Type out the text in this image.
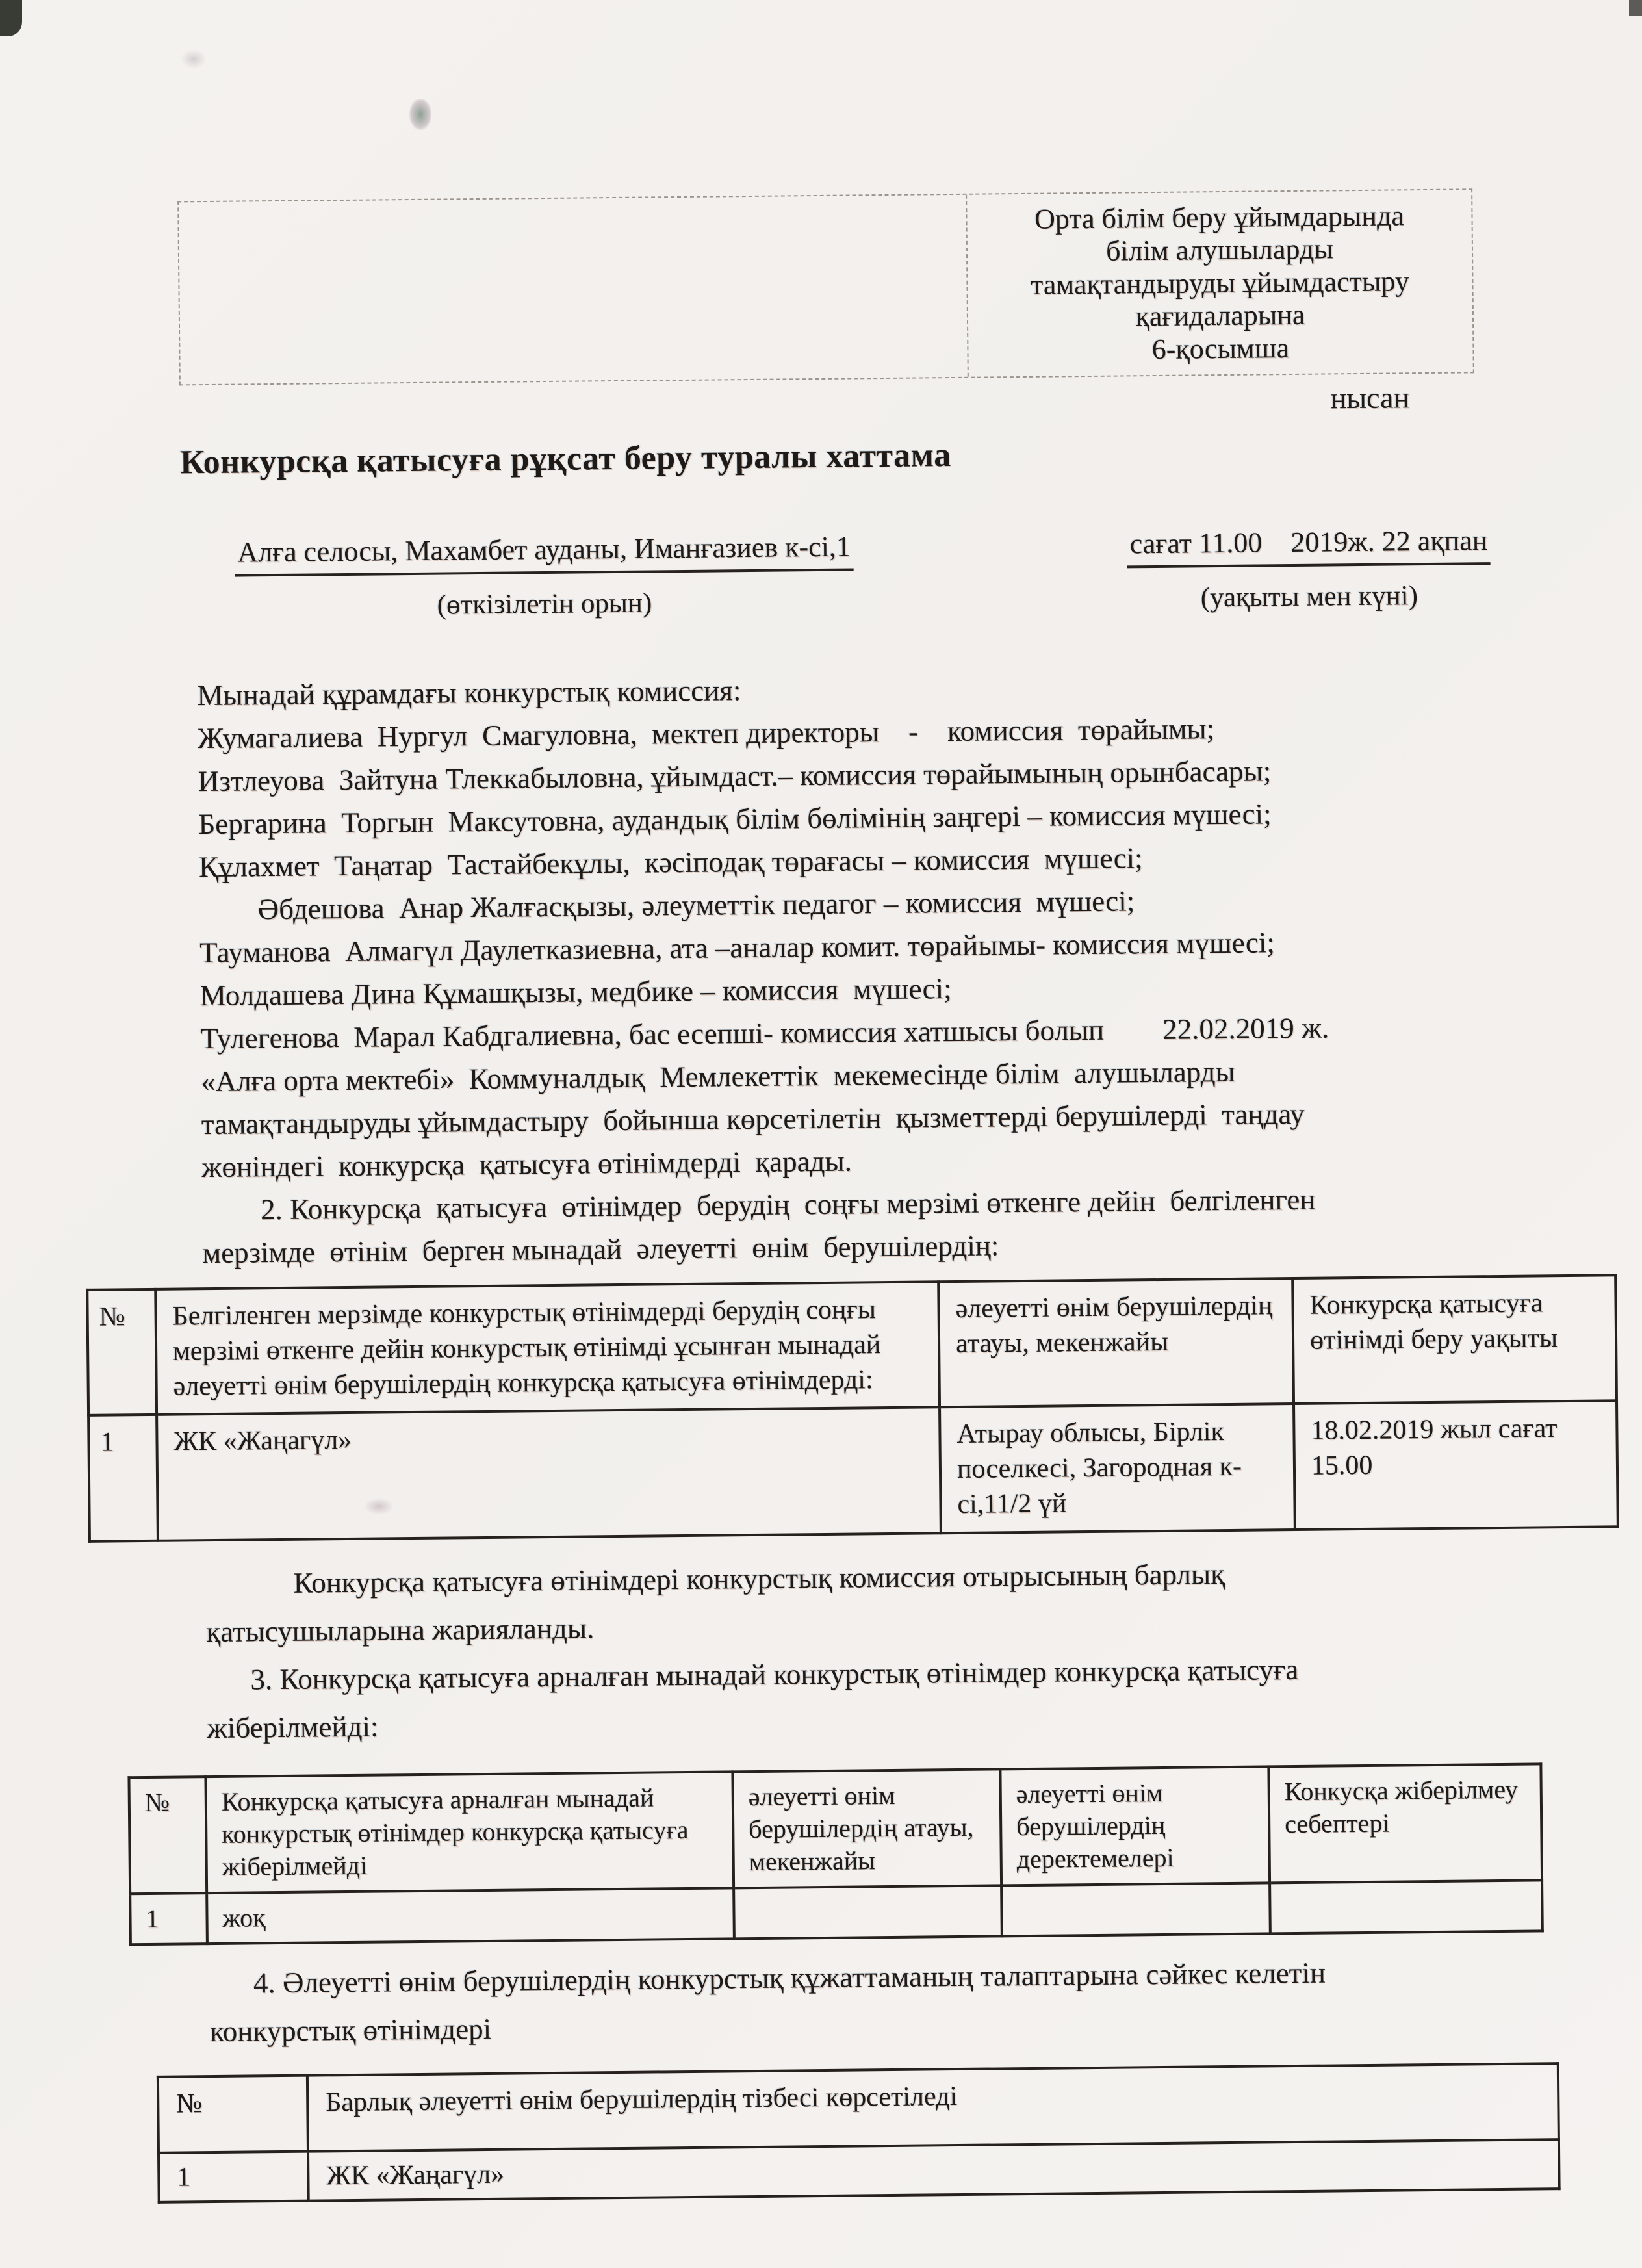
Орта білім беру ұйымдарында
білім алушыларды
тамақтандыруды ұйымдастыру
қағидаларына
6-қосымша
нысан
Конкурсқа қатысуға рұқсат беру туралы хаттама
Алға селосы, Махамбет ауданы, Иманғазиев к-сі,1
(өткізілетін орын)
сағат 11.00    2019ж. 22 ақпан
(уақыты мен күні)
Мынадай құрамдағы конкурстық комиссия:
Жумагалиева  Нургул  Смагуловна,  мектеп директоры    -    комиссия  төрайымы;
Изтлеуова  Зайтуна Тлеккабыловна, ұйымдаст.– комиссия төрайымының орынбасары;
Бергарина  Торгын  Максутовна, аудандық білім бөлімінің заңгері – комиссия мүшесі;
Құлахмет  Таңатар  Тастайбекұлы,  кәсіподақ төрағасы – комиссия  мүшесі;
Әбдешова  Анар Жалғасқызы, әлеуметтік педагог – комиссия  мүшесі;
Тауманова  Алмагүл Даулетказиевна, ата –аналар комит. төрайымы- комиссия мүшесі;
Молдашева Дина Құмашқызы, медбике – комиссия  мүшесі;
Тулегенова  Марал Кабдгалиевна, бас есепші- комиссия хатшысы болып        22.02.2019 ж.
«Алға орта мектебі»  Коммуналдық  Мемлекеттік  мекемесінде білім  алушыларды
тамақтандыруды ұйымдастыру  бойынша көрсетілетін  қызметтерді берушілерді  таңдау
жөніндегі  конкурсқа  қатысуға өтінімдерді  қарады.
2. Конкурсқа  қатысуға  өтінімдер  берудің  соңғы мерзімі өткенге дейін  белгіленген
мерзімде  өтінім  берген мынадай  әлеуетті  өнім  берушілердің:
№	Белгіленген мерзімде конкурстық өтінімдерді берудің соңғы мерзімі өткенге дейін конкурстық өтінімді ұсынған мынадай әлеуетті өнім берушілердің конкурсқа қатысуға өтінімдерді:	әлеуетті өнім берушілердің атауы, мекенжайы	Конкурсқа қатысуға өтінімді беру уақыты
1	ЖК «Жаңагүл»	Атырау облысы, Бірлік поселкесі, Загородная к-сі,11/2 үй	18.02.2019 жыл сағат 15.00
Конкурсқа қатысуға өтінімдері конкурстық комиссия отырысының барлық
қатысушыларына жарияланды.
3. Конкурсқа қатысуға арналған мынадай конкурстық өтінімдер конкурсқа қатысуға
жіберілмейді:
№	Конкурсқа қатысуға арналған мынадай конкурстық өтінімдер конкурсқа қатысуға жіберілмейді	әлеуетті өнім берушілердің атауы, мекенжайы	әлеуетті өнім берушілердің деректемелері	Конкусқа жіберілмеу себептері
1	жоқ			
4. Әлеуетті өнім берушілердің конкурстық құжаттаманың талаптарына сәйкес келетін
конкурстық өтінімдері
№	Барлық әлеуетті өнім берушілердің тізбесі көрсетіледі
1	ЖК «Жаңагүл»
